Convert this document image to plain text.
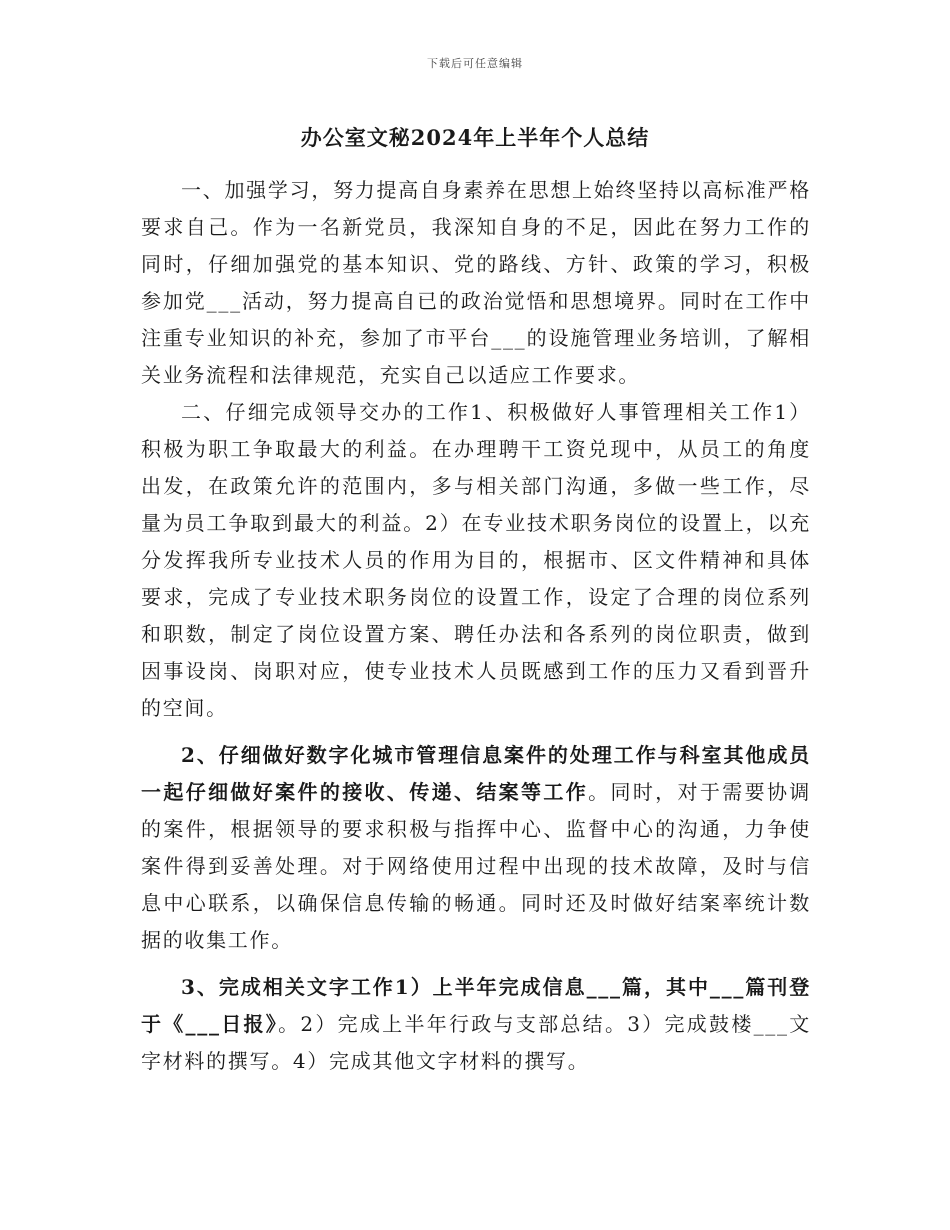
下载后可任意编辑
办公室文秘2024年上半年个人总结

一、加强学习，努力提高自身素养在思想上始终坚持以高标准严格要求自己。作为一名新党员，我深知自身的不足，因此在努力工作的同时，仔细加强党的基本知识、党的路线、方针、政策的学习，积极参加党___活动，努力提高自已的政治觉悟和思想境界。同时在工作中注重专业知识的补充，参加了市平台___的设施管理业务培训，了解相关业务流程和法律规范，充实自己以适应工作要求。

二、仔细完成领导交办的工作1、积极做好人事管理相关工作1）积极为职工争取最大的利益。在办理聘干工资兑现中，从员工的角度出发，在政策允许的范围内，多与相关部门沟通，多做一些工作，尽量为员工争取到最大的利益。2）在专业技术职务岗位的设置上，以充分发挥我所专业技术人员的作用为目的，根据市、区文件精神和具体要求，完成了专业技术职务岗位的设置工作，设定了合理的岗位系列和职数，制定了岗位设置方案、聘任办法和各系列的岗位职责，做到因事设岗、岗职对应，使专业技术人员既感到工作的压力又看到晋升的空间。

2、仔细做好数字化城市管理信息案件的处理工作与科室其他成员一起仔细做好案件的接收、传递、结案等工作。同时，对于需要协调的案件，根据领导的要求积极与指挥中心、监督中心的沟通，力争使案件得到妥善处理。对于网络使用过程中出现的技术故障，及时与信息中心联系，以确保信息传输的畅通。同时还及时做好结案率统计数据的收集工作。

3、完成相关文字工作1）上半年完成信息___篇，其中___篇刊登于《___日报》。2）完成上半年行政与支部总结。3）完成鼓楼___文字材料的撰写。4）完成其他文字材料的撰写。
